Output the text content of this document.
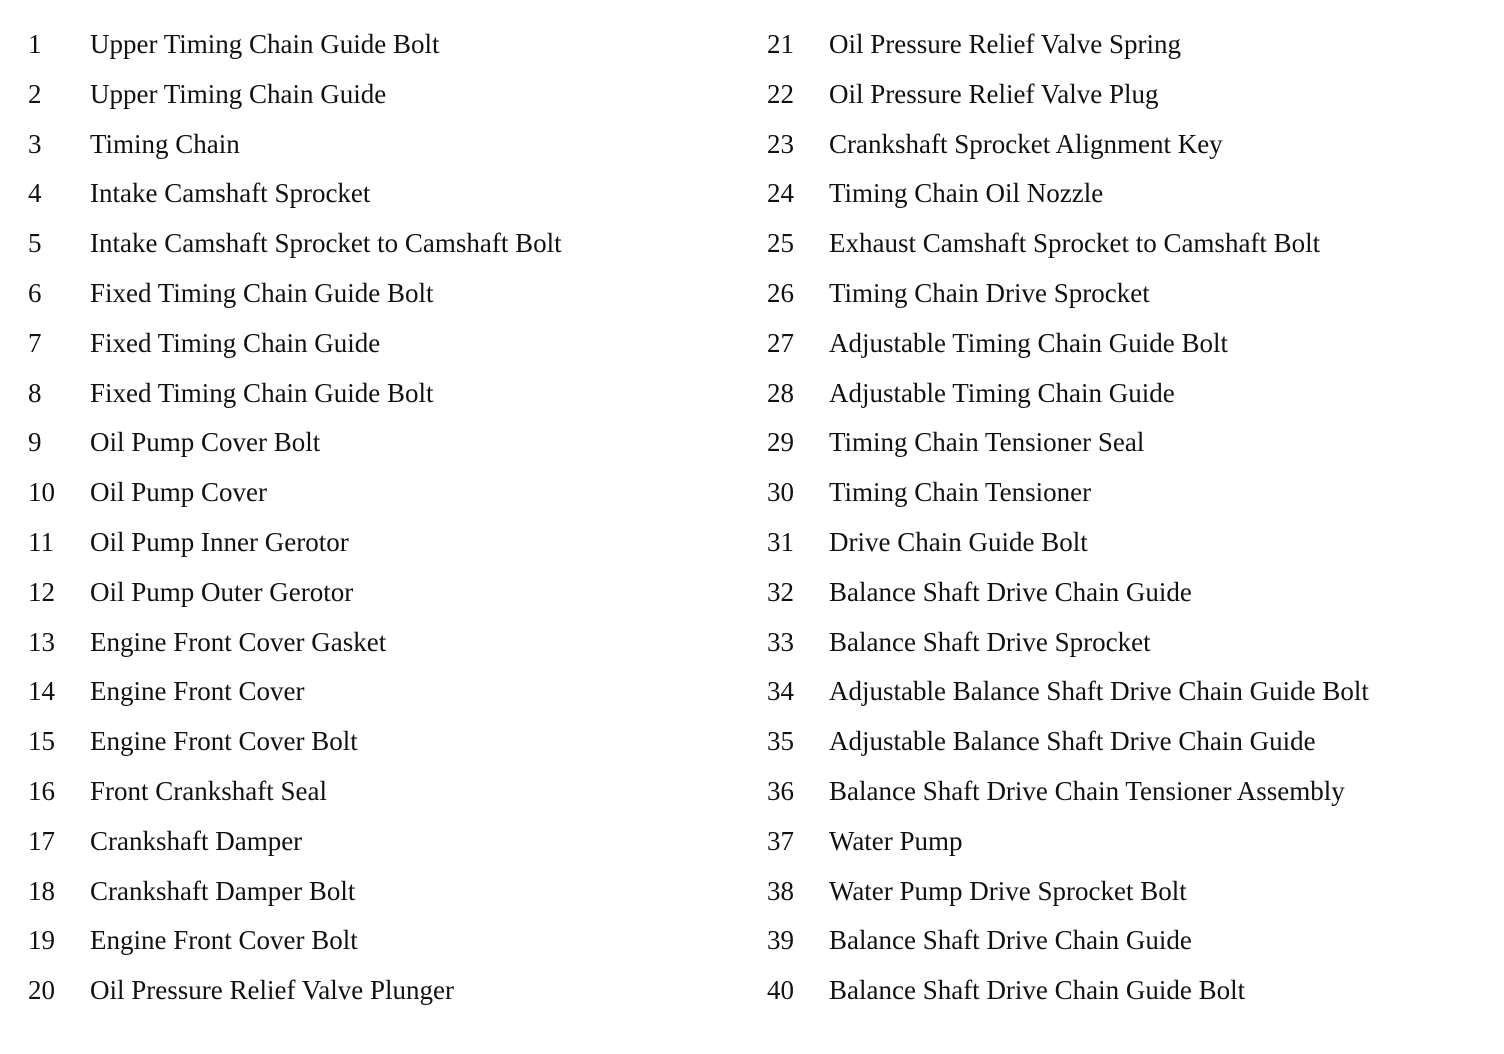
1	Upper Timing Chain Guide Bolt
2	Upper Timing Chain Guide
3	Timing Chain
4	Intake Camshaft Sprocket
5	Intake Camshaft Sprocket to Camshaft Bolt
6	Fixed Timing Chain Guide Bolt
7	Fixed Timing Chain Guide
8	Fixed Timing Chain Guide Bolt
9	Oil Pump Cover Bolt
10	Oil Pump Cover
11	Oil Pump Inner Gerotor
12	Oil Pump Outer Gerotor
13	Engine Front Cover Gasket
14	Engine Front Cover
15	Engine Front Cover Bolt
16	Front Crankshaft Seal
17	Crankshaft Damper
18	Crankshaft Damper Bolt
19	Engine Front Cover Bolt
20	Oil Pressure Relief Valve Plunger
21	Oil Pressure Relief Valve Spring
22	Oil Pressure Relief Valve Plug
23	Crankshaft Sprocket Alignment Key
24	Timing Chain Oil Nozzle
25	Exhaust Camshaft Sprocket to Camshaft Bolt
26	Timing Chain Drive Sprocket
27	Adjustable Timing Chain Guide Bolt
28	Adjustable Timing Chain Guide
29	Timing Chain Tensioner Seal
30	Timing Chain Tensioner
31	Drive Chain Guide Bolt
32	Balance Shaft Drive Chain Guide
33	Balance Shaft Drive Sprocket
34	Adjustable Balance Shaft Drive Chain Guide Bolt
35	Adjustable Balance Shaft Drive Chain Guide
36	Balance Shaft Drive Chain Tensioner Assembly
37	Water Pump
38	Water Pump Drive Sprocket Bolt
39	Balance Shaft Drive Chain Guide
40	Balance Shaft Drive Chain Guide Bolt
